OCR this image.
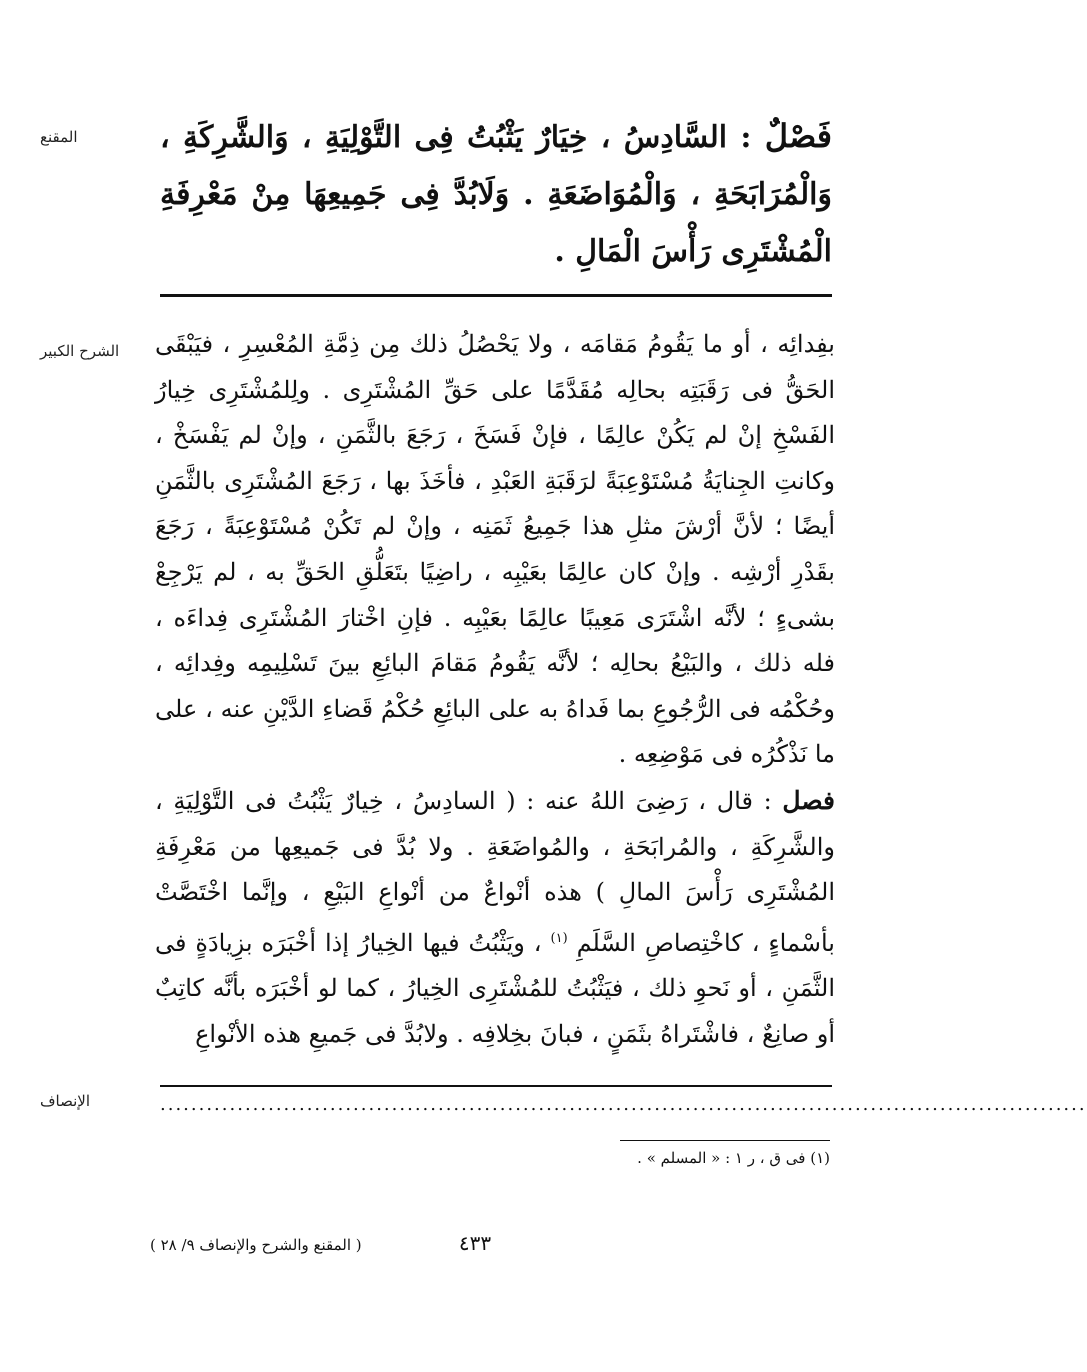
المقنع	فَصْلٌ : السَّادِسُ ، خِيَارٌ يَثْبُتُ فِى التَّوْلِيَةِ ، وَالشَّرِكَةِ ، وَالْمُرَابَحَةِ ، وَالْمُوَاضَعَةِ . وَلَابُدَّ فِى جَمِيعِهَا مِنْ مَعْرِفَةِ الْمُشْتَرِى رَأْسَ الْمَالِ .
الشرح الكبير	بفِدائِه ، أو ما يَقُومُ مَقامَه ، ولا يَحْصُلُ ذلك مِن ذِمَّةِ المُعْسِرِ ، فيَبْقَى الحَقُّ فى رَقَبَتِه بحالِه مُقَدَّمًا على حَقِّ المُشْتَرِى . ولِلمُشْتَرِى خِيارُ الفَسْخِ إنْ لم يَكُنْ عالِمًا ، فإنْ فَسَخَ ، رَجَعَ بالثَّمَنِ ، وإنْ لم يَفْسَخْ ، وكانتِ الجِنايَةُ مُسْتَوْعِبَةً لرَقَبَةِ العَبْدِ ، فأخَذَ بها ، رَجَعَ المُشْتَرِى بالثَّمَنِ أيضًا ؛ لأنَّ أرْشَ مثلِ هذا جَمِيعُ ثَمَنِه ، وإنْ لم تَكُنْ مُسْتَوْعِبَةً ، رَجَعَ بقَدْرِ أرْشِه . وإنْ كان عالِمًا بعَيْبِه ، راضِيًا بتَعَلُّقِ الحَقِّ به ، لم يَرْجِعْ بشىءٍ ؛ لأنَّه اشْتَرَى مَعِيبًا عالِمًا بعَيْبِه . فإنِ اخْتارَ المُشْتَرِى فِداءَه ، فله ذلك ، والبَيْعُ بحالِه ؛ لأنَّه يَقُومُ مَقامَ البائِعِ بينَ تَسْلِيمِه وفِدائِه ، وحُكْمُه فى الرُّجُوعِ بما فَداهُ به على البائِعِ حُكْمُ قَضاءِ الدَّيْنِ عنه ، على ما نَذْكُرُه فى مَوْضِعِه .

فصل : قال ، رَضِىَ اللهُ عنه : ( السادِسُ ، خِيارٌ يَثْبُتُ فى التَّوْلِيَةِ ، والشَّرِكَةِ ، والمُرابَحَةِ ، والمُواضَعَةِ . ولا بُدَّ فى جَميعِها من مَعْرِفَةِ المُشْتَرِى رَأْسَ المالِ ) هذه أنْواعٌ من أنْواعِ البَيْعِ ، وإنَّما اخْتَصَّتْ بأسْماءٍ ، كاخْتِصاصِ السَّلَمِ $^{(١)}$ ، ويَثْبُتُ فيها الخِيارُ إذا أخْبَرَه بزِيادَةٍ فى الثَّمَنِ ، أو نَحوِ ذلك ، فيَثْبُتُ للمُشْتَرِى الخِيارُ ، كما لو أخْبَرَه بأنَّه كاتِبٌ أو صانِعٌ ، فاشْتَراهُ بثَمَنٍ ، فبانَ بخِلافِه . ولابُدَّ فى جَميعِ هذه الأنْواعِ

الإنصاف	........................................................................................................................
(١) فى ق ، ر ١ : « المسلم » .
٤٣٣
( المقنع والشرح والإنصاف ٩/ ٢٨ )
